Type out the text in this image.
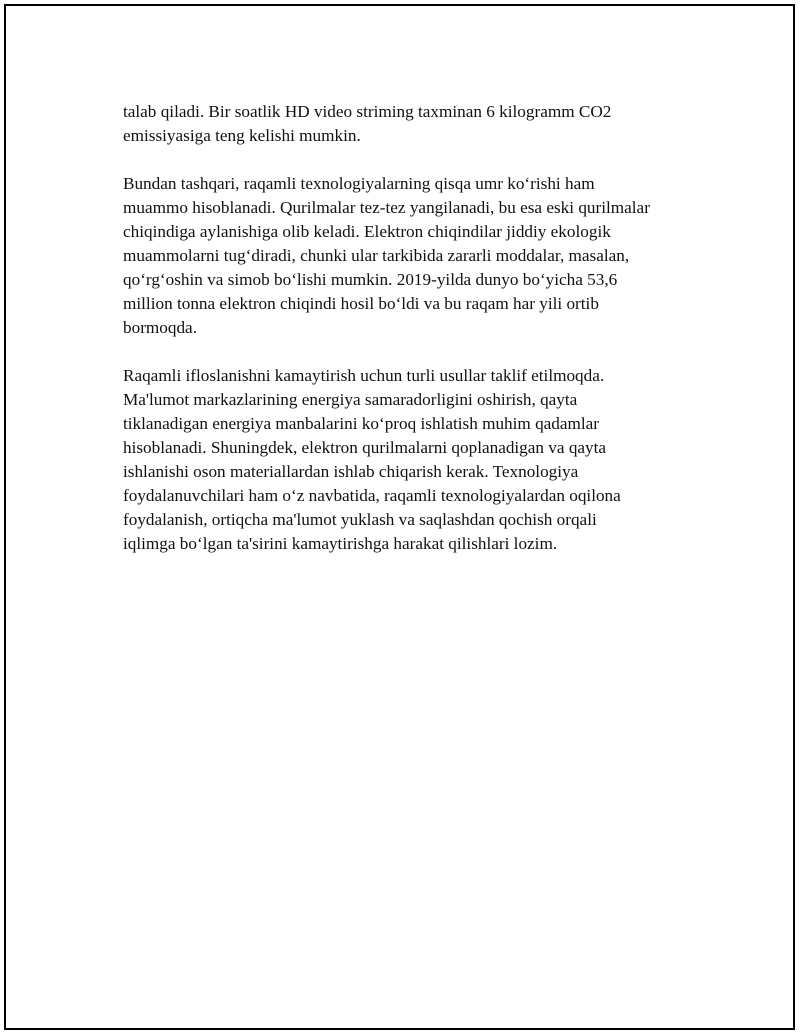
talab qiladi. Bir soatlik HD video striming taxminan 6 kilogramm CO2
emissiyasiga teng kelishi mumkin.

Bundan tashqari, raqamli texnologiyalarning qisqa umr ko‘rishi ham
muammo hisoblanadi. Qurilmalar tez-tez yangilanadi, bu esa eski qurilmalar
chiqindiga aylanishiga olib keladi. Elektron chiqindilar jiddiy ekologik
muammolarni tug‘diradi, chunki ular tarkibida zararli moddalar, masalan,
qo‘rg‘oshin va simob bo‘lishi mumkin. 2019-yilda dunyo bo‘yicha 53,6
million tonna elektron chiqindi hosil bo‘ldi va bu raqam har yili ortib
bormoqda.

Raqamli ifloslanishni kamaytirish uchun turli usullar taklif etilmoqda.
Ma'lumot markazlarining energiya samaradorligini oshirish, qayta
tiklanadigan energiya manbalarini ko‘proq ishlatish muhim qadamlar
hisoblanadi. Shuningdek, elektron qurilmalarni qoplanadigan va qayta
ishlanishi oson materiallardan ishlab chiqarish kerak. Texnologiya
foydalanuvchilari ham o‘z navbatida, raqamli texnologiyalardan oqilona
foydalanish, ortiqcha ma'lumot yuklash va saqlashdan qochish orqali
iqlimga bo‘lgan ta'sirini kamaytirishga harakat qilishlari lozim.
